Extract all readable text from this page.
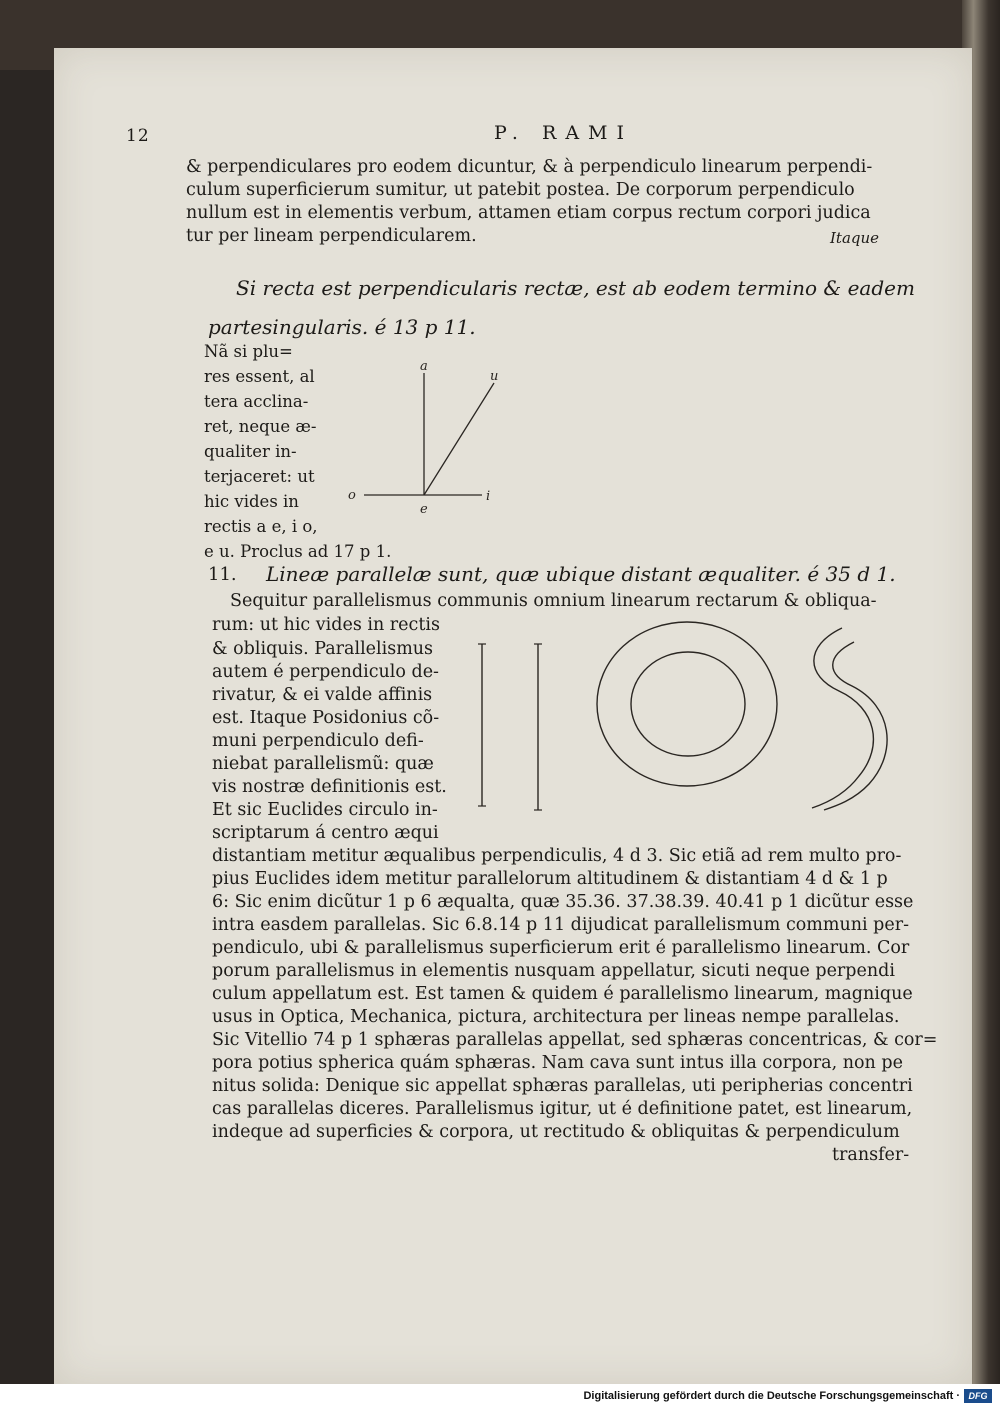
12	P. RAMI
& perpendiculares pro eodem dicuntur, & à perpendiculo linearum perpendi-
culum superficierum sumitur, ut patebit postea. De corporum perpendiculo
nullum est in elementis verbum, attamen etiam corpus rectum corpori judica
tur per lineam perpendicularem.	Itaque
Si recta est perpendicularis rectæ, est ab eodem termino & eadem
partesingularis. é 13 p 11.
Nã si plu=
res essent, al
tera acclina-
ret, neque æ-
qualiter in-
terjaceret: ut
hic vides in
rectis a e, i o,
e u. Proclus ad 17 p 1.
a
u
o
e
i
11. Lineæ parallelæ sunt, quæ ubique distant æqualiter. é 35 d 1.
Sequitur parallelismus communis omnium linearum rectarum & obliqua-
rum: ut hic vides in rectis
& obliquis. Parallelismus
autem é perpendiculo de-
rivatur, & ei valde affinis
est. Itaque Posidonius cõ-
muni perpendiculo defi-
niebat parallelismũ: quæ
vis nostræ definitionis est.
Et sic Euclides circulo in-
scriptarum á centro æqui
distantiam metitur æqualibus perpendiculis, 4 d 3. Sic etiã ad rem multo pro-
pius Euclides idem metitur parallelorum altitudinem & distantiam 4 d & 1 p
6: Sic enim dicũtur 1 p 6 æqualta, quæ 35.36. 37.38.39. 40.41 p 1 dicũtur esse
intra easdem parallelas. Sic 6.8.14 p 11 dijudicat parallelismum communi per-
pendiculo, ubi & parallelismus superficierum erit é parallelismo linearum. Cor
porum parallelismus in elementis nusquam appellatur, sicuti neque perpendi
culum appellatum est. Est tamen & quidem é parallelismo linearum, magnique
usus in Optica, Mechanica, pictura, architectura per lineas nempe parallelas.
Sic Vitellio 74 p 1 sphæras parallelas appellat, sed sphæras concentricas, & cor=
pora potius spherica quám sphæras. Nam cava sunt intus illa corpora, non pe
nitus solida: Denique sic appellat sphæras parallelas, uti peripherias concentri
cas parallelas diceres. Parallelismus igitur, ut é definitione patet, est linearum,
indeque ad superficies & corpora, ut rectitudo & obliquitas & perpendiculum
transfer-
Digitalisierung gefördert durch die Deutsche Forschungsgemeinschaft · DFG
